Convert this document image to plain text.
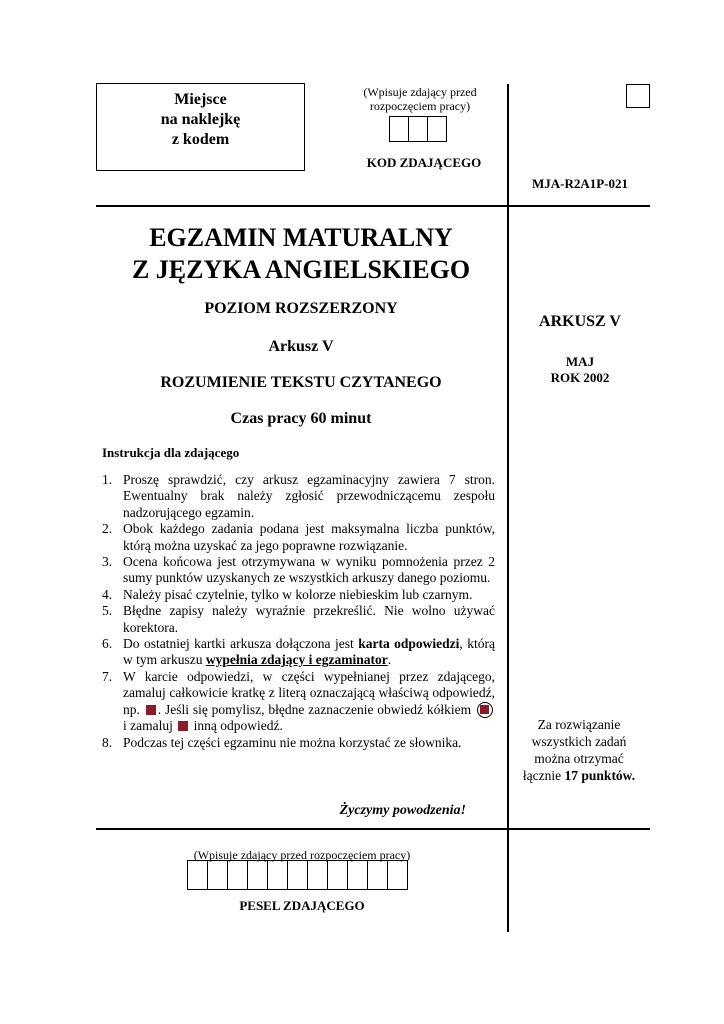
Miejsce
na naklejkę
z kodem
(Wpisuje zdający przed
rozpoczęciem pracy)
KOD ZDAJĄCEGO
MJA-R2A1P-021
EGZAMIN MATURALNY
Z JĘZYKA ANGIELSKIEGO
POZIOM ROZSZERZONY
Arkusz V
ROZUMIENIE TEKSTU CZYTANEGO
Czas pracy 60 minut
ARKUSZ V
MAJ
ROK 2002
Instrukcja dla zdającego
1. Proszę sprawdzić, czy arkusz egzaminacyjny zawiera 7 stron. Ewentualny brak należy zgłosić przewodniczącemu zespołu nadzorującego egzamin.
2. Obok każdego zadania podana jest maksymalna liczba punktów, którą można uzyskać za jego poprawne rozwiązanie.
3. Ocena końcowa jest otrzymywana w wyniku pomnożenia przez 2 sumy punktów uzyskanych ze wszystkich arkuszy danego poziomu.
4. Należy pisać czytelnie, tylko w kolorze niebieskim lub czarnym.
5. Błędne zapisy należy wyraźnie przekreślić. Nie wolno używać korektora.
6. Do ostatniej kartki arkusza dołączona jest karta odpowiedzi, którą w tym arkuszu wypełnia zdający i egzaminator.
7. W karcie odpowiedzi, w części wypełnianej przez zdającego, zamaluj całkowicie kratkę z literą oznaczającą właściwą odpowiedź, np. . Jeśli się pomylisz, błędne zaznaczenie obwiedź kółkiem  i zamaluj inną odpowiedź.
8. Podczas tej części egzaminu nie można korzystać ze słownika.
Życzymy powodzenia!
Za rozwiązanie
wszystkich zadań
można otrzymać
łącznie 17 punktów.
(Wpisuje zdający przed rozpoczęciem pracy)
PESEL ZDAJĄCEGO
